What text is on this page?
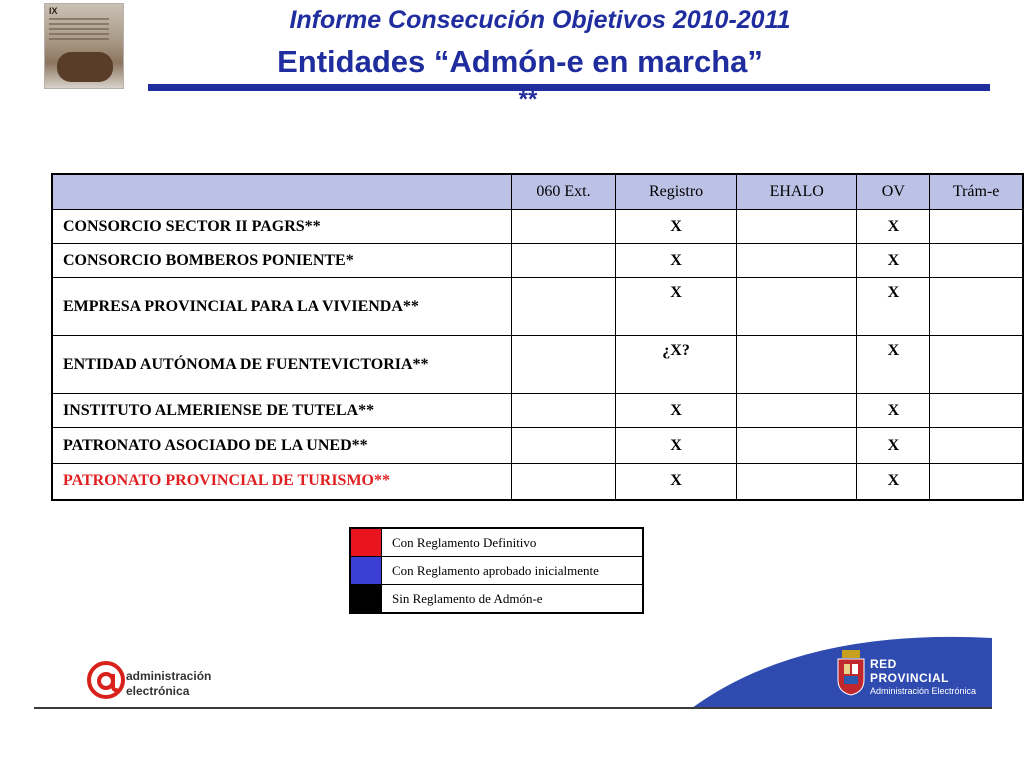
IX	Informe Consecución Objetivos 2010-2011
Entidades “Admón-e en marcha”
**
	060 Ext.	Registro	EHALO	OV	Trám-e
CONSORCIO SECTOR II PAGRS**		X		X	
CONSORCIO BOMBEROS PONIENTE*		X		X	
EMPRESA PROVINCIAL PARA LA VIVIENDA**		X		X	
ENTIDAD AUTÓNOMA DE FUENTEVICTORIA**		¿X?		X	
INSTITUTO ALMERIENSE DE TUTELA**		X		X	
PATRONATO ASOCIADO DE LA UNED**		X		X	
PATRONATO PROVINCIAL DE TURISMO**		X		X	
	Con Reglamento Definitivo
	Con Reglamento aprobado inicialmente
	Sin Reglamento de Admón-e
administración
electrónica
RED
PROVINCIAL
Administración Electrónica
